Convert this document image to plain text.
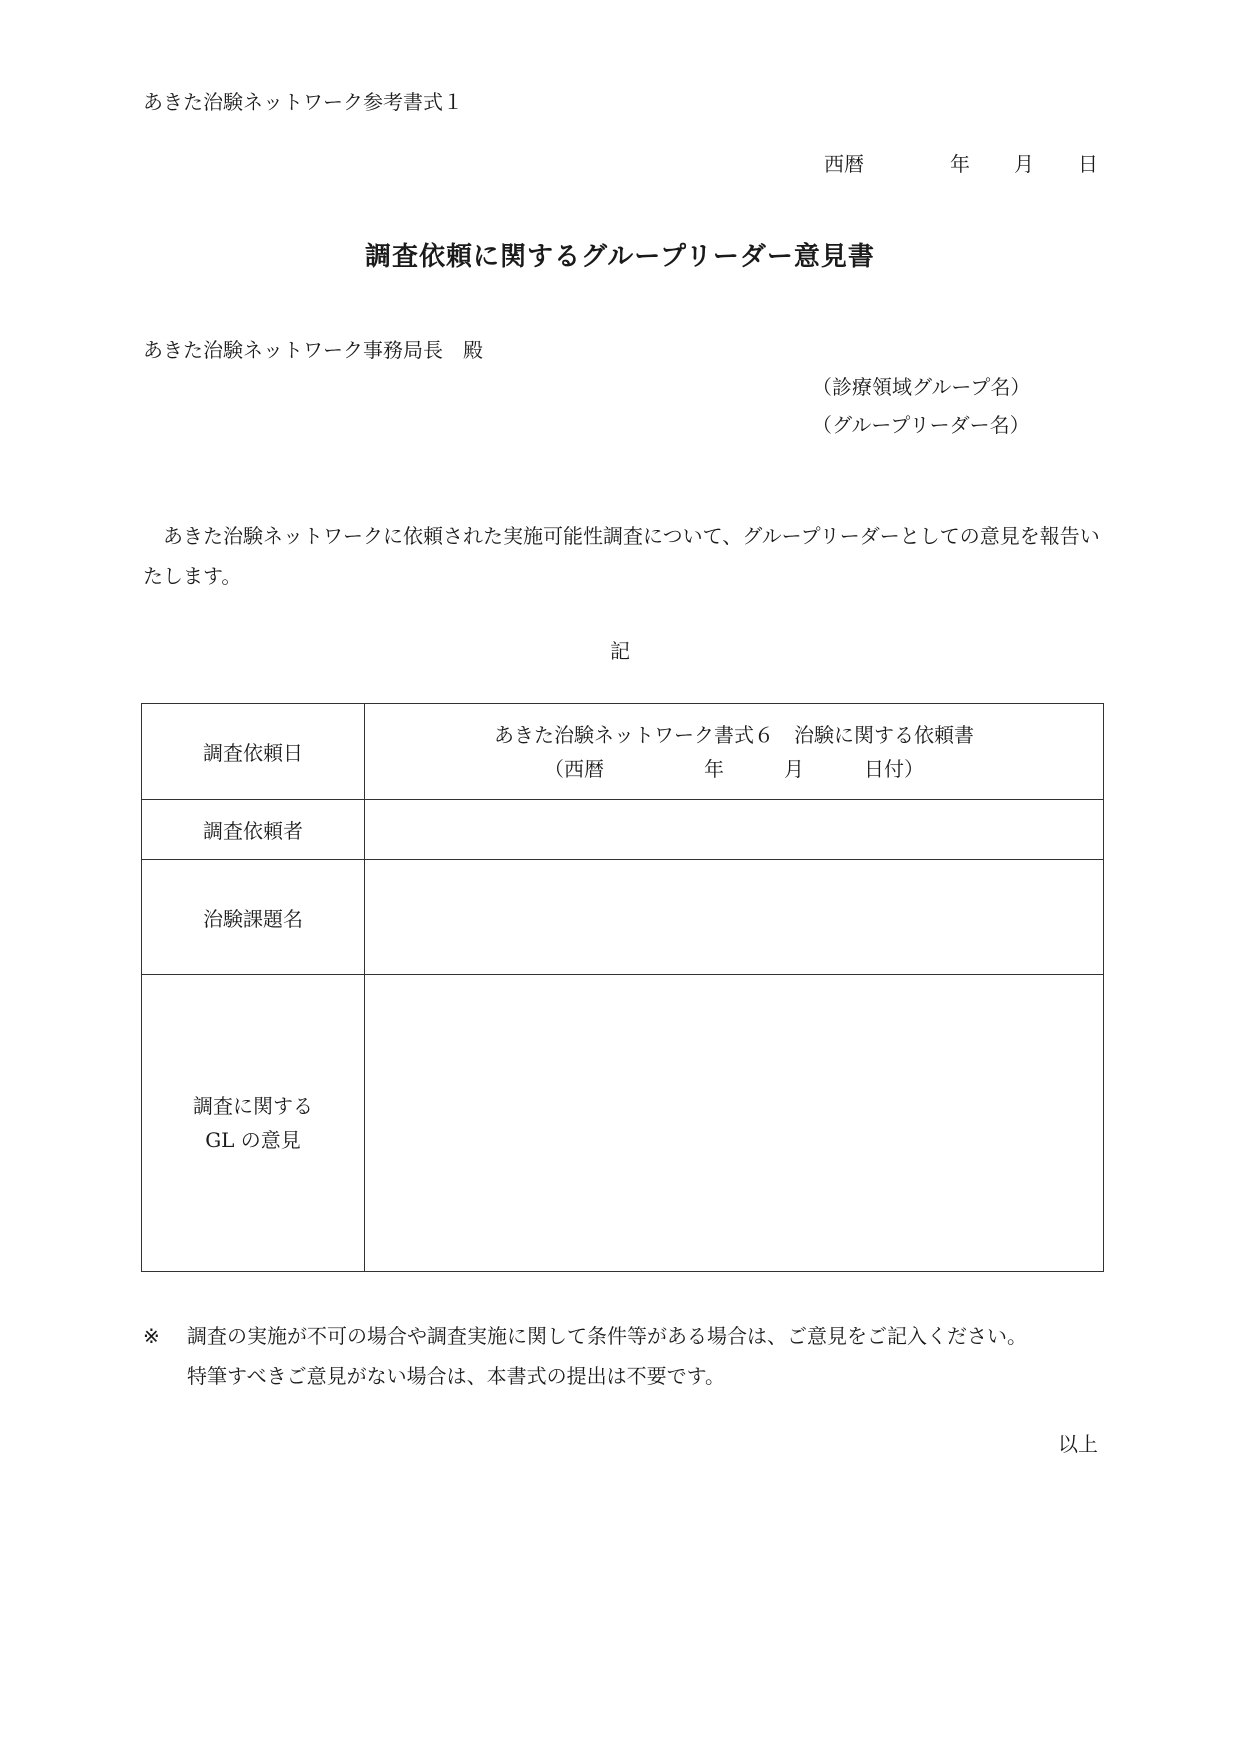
あきた治験ネットワーク参考書式１
西暦	年 月 日
調査依頼に関するグループリーダー意見書
あきた治験ネットワーク事務局長　殿
（診療領域グループ名）
（グループリーダー名）
あきた治験ネットワークに依頼された実施可能性調査について、グループリーダーとしての意見を報告いたします。
記
調査依頼日	あきた治験ネットワーク書式６　治験に関する依頼書
（西暦　　　　　年　　　月　　　日付）

調査依頼者	
治験課題名	

調査に関する
GL の意見	

※ 調査の実施が不可の場合や調査実施に関して条件等がある場合は、ご意見をご記入ください。
特筆すべきご意見がない場合は、本書式の提出は不要です。
以上
